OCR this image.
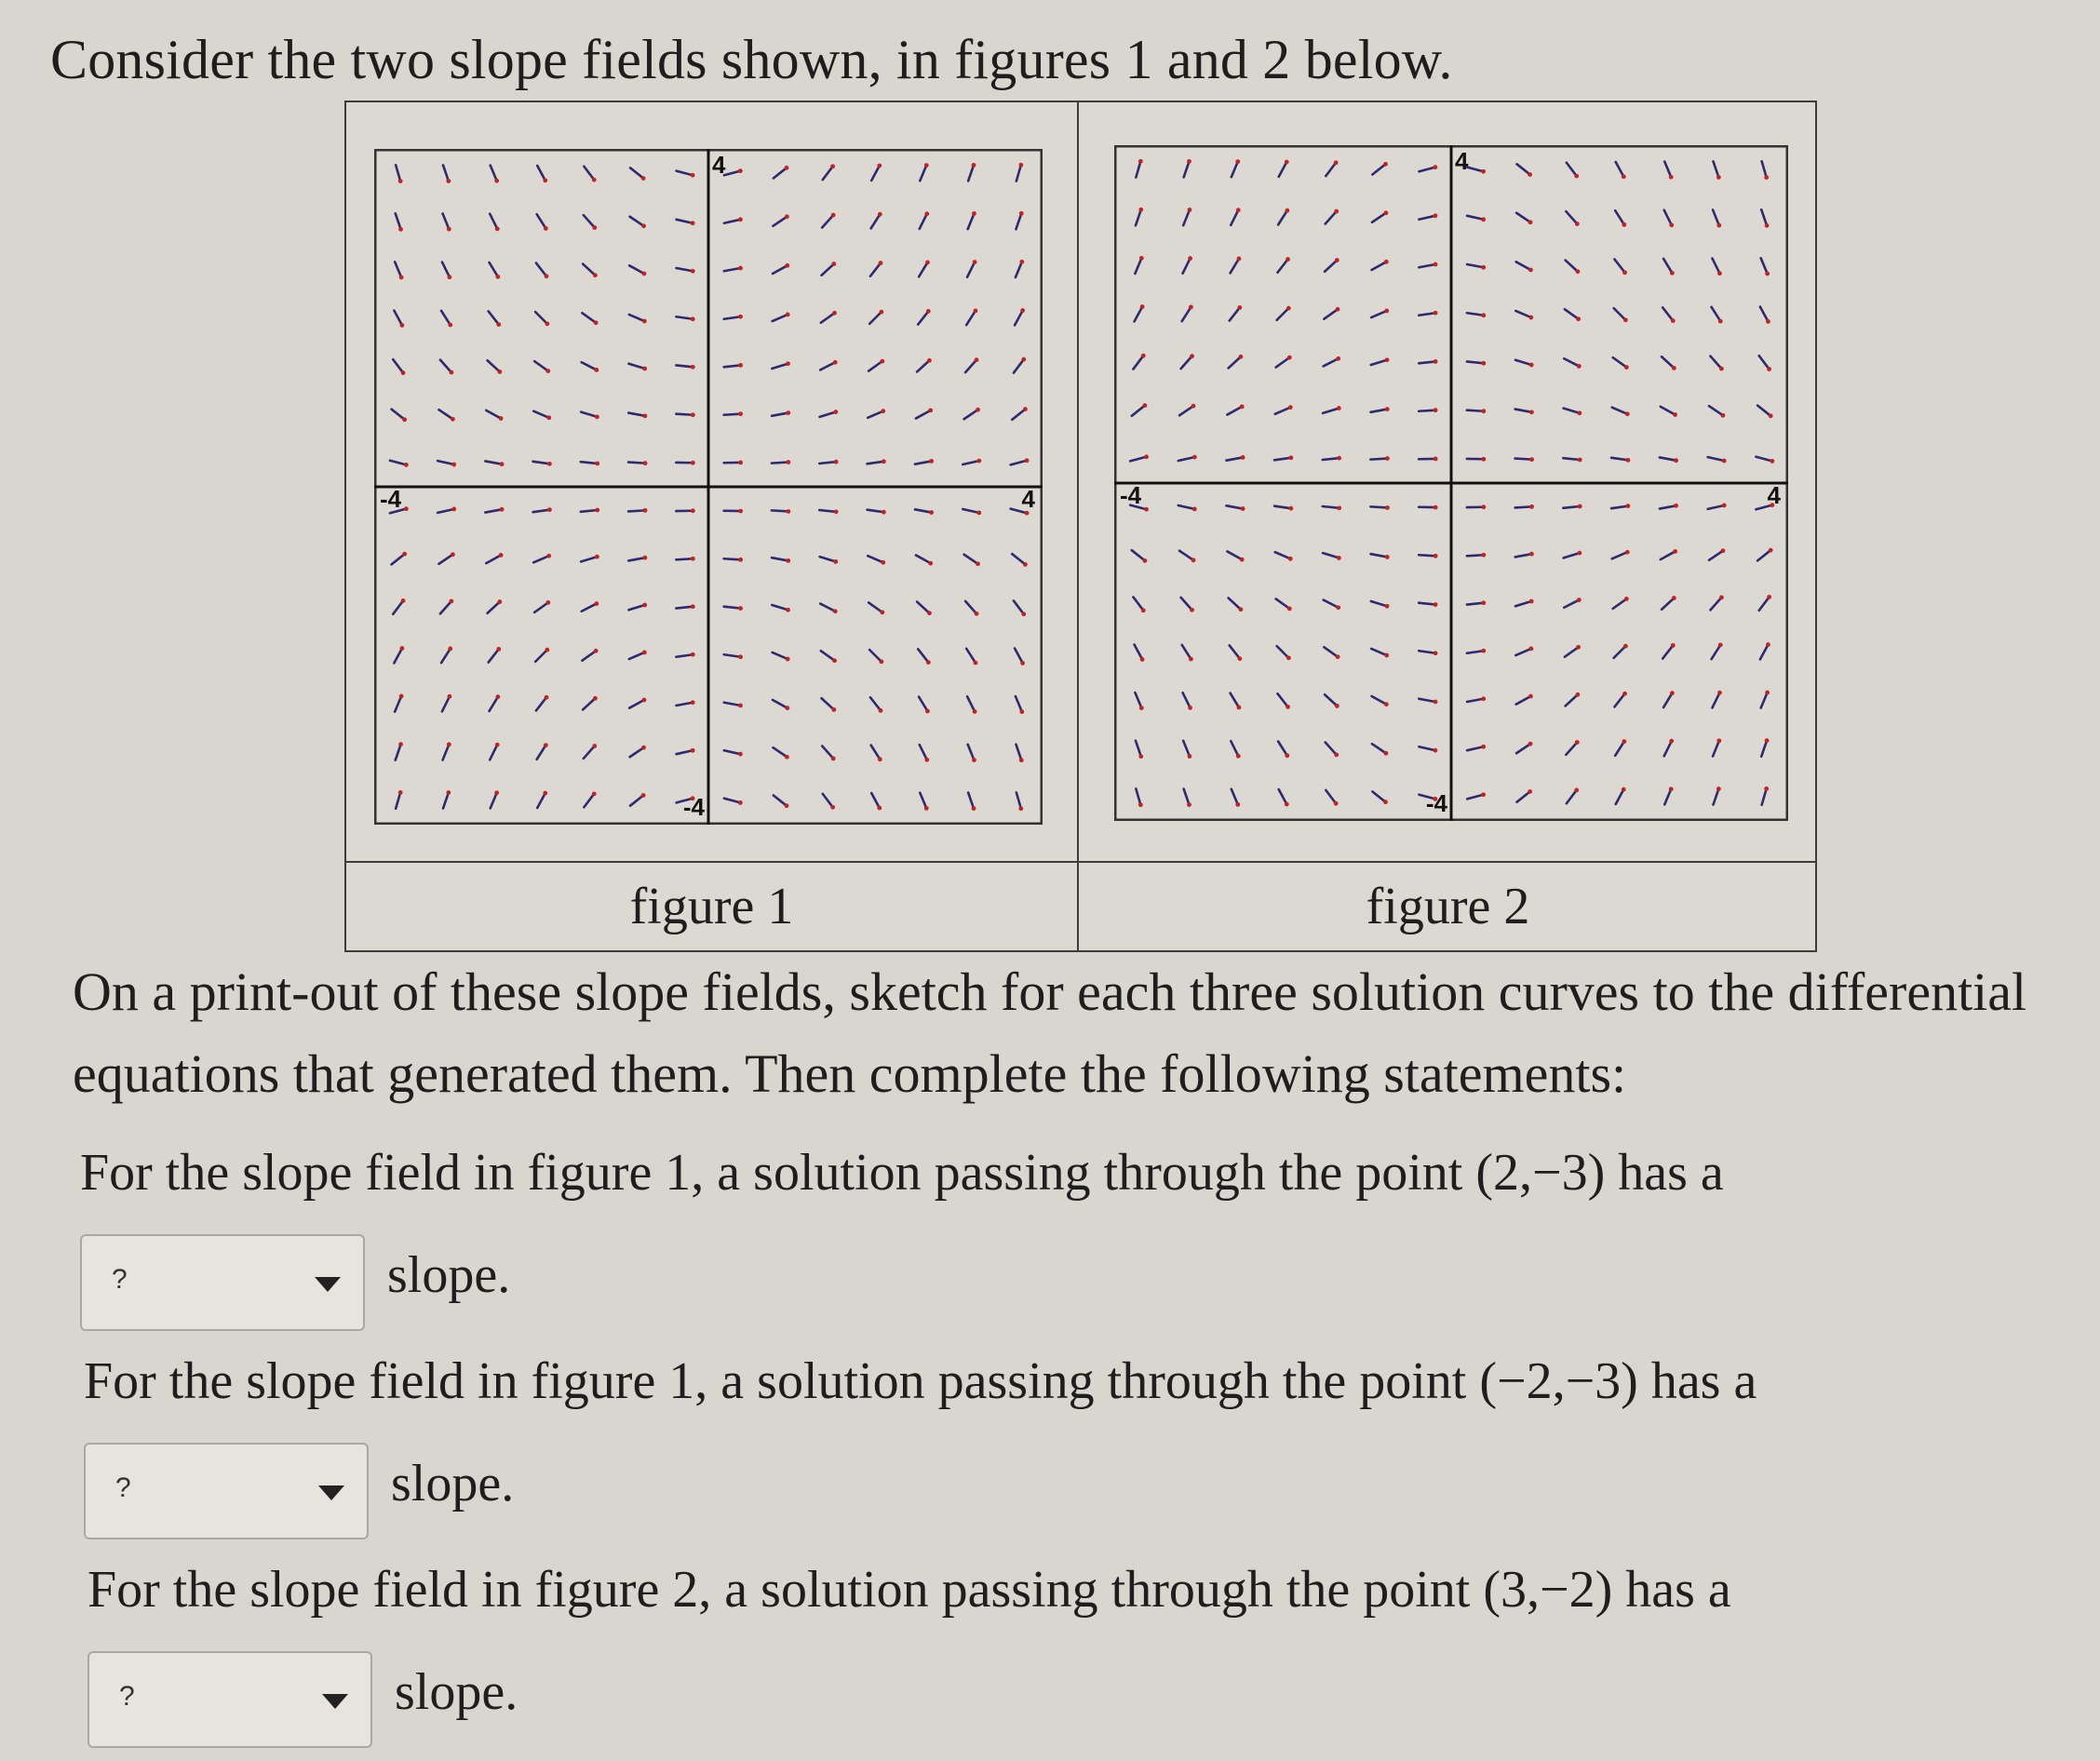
Consider the two slope fields shown, in figures 1 and 2 below.
4
-4
-4	4
4
-4
-4	4
figure 1	figure 2

On a print-out of these slope fields, sketch for each three solution curves to the differential equations that generated them. Then complete the following statements:

For the slope field in figure 1, a solution passing through the point (2,−3) has a
?	slope.
For the slope field in figure 1, a solution passing through the point (−2,−3) has a
?	slope.
For the slope field in figure 2, a solution passing through the point (3,−2) has a
?	slope.
